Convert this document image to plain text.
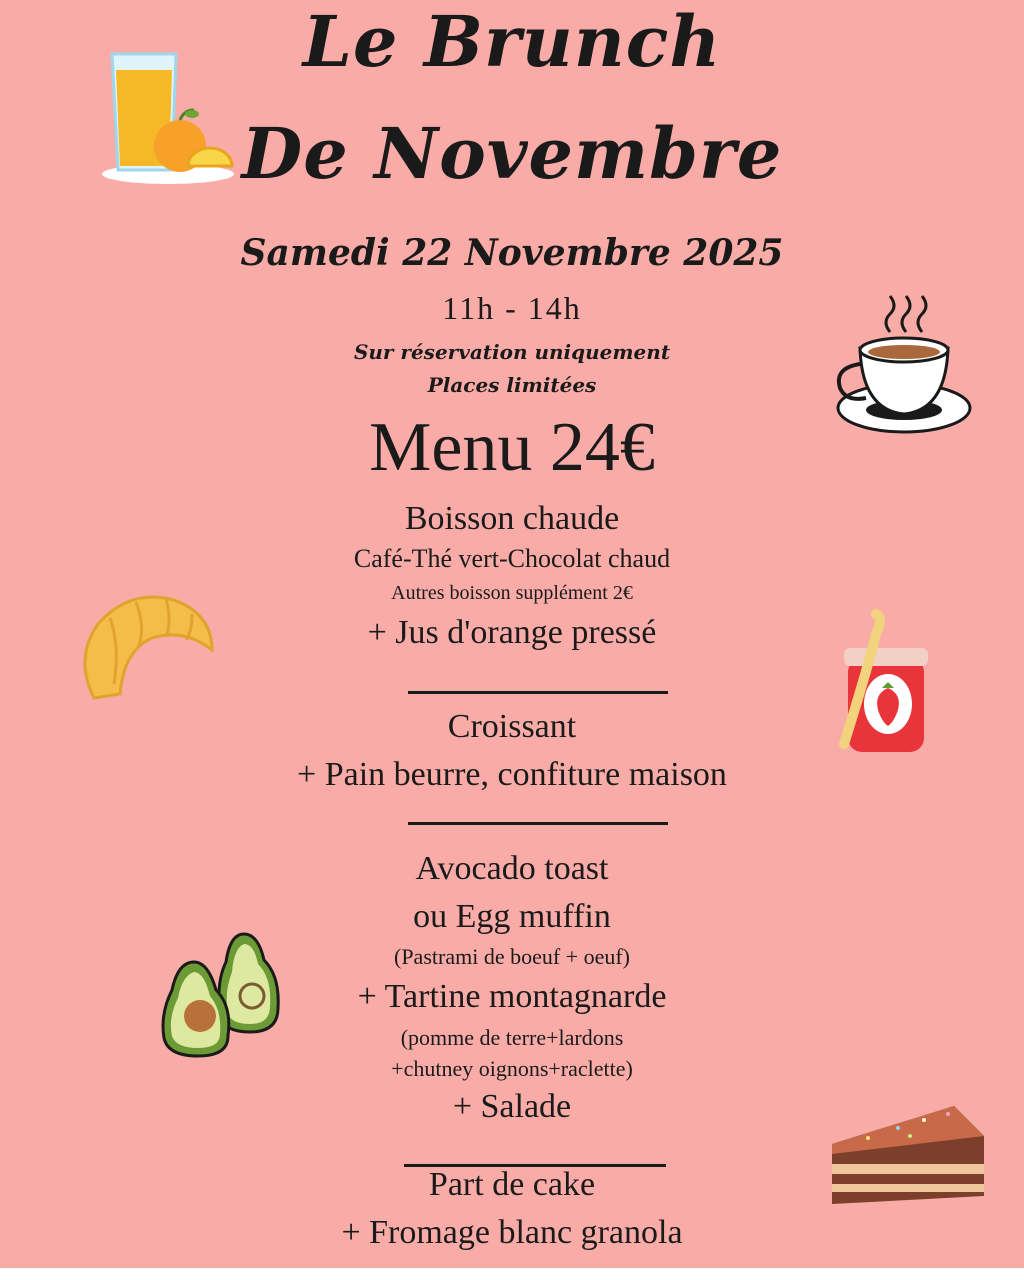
Le Brunch
De Novembre
Samedi 22 Novembre 2025
11h - 14h
Sur réservation uniquement
Places limitées
Menu 24€
Boisson chaude
Café-Thé vert-Chocolat chaud
Autres boisson supplément 2€
+ Jus d'orange pressé
Croissant
+ Pain beurre, confiture maison
Avocado toast
ou Egg muffin
(Pastrami de boeuf + oeuf)
+ Tartine montagnarde
(pomme de terre+lardons
+chutney oignons+raclette)
+ Salade
Part de cake
+ Fromage blanc granola
